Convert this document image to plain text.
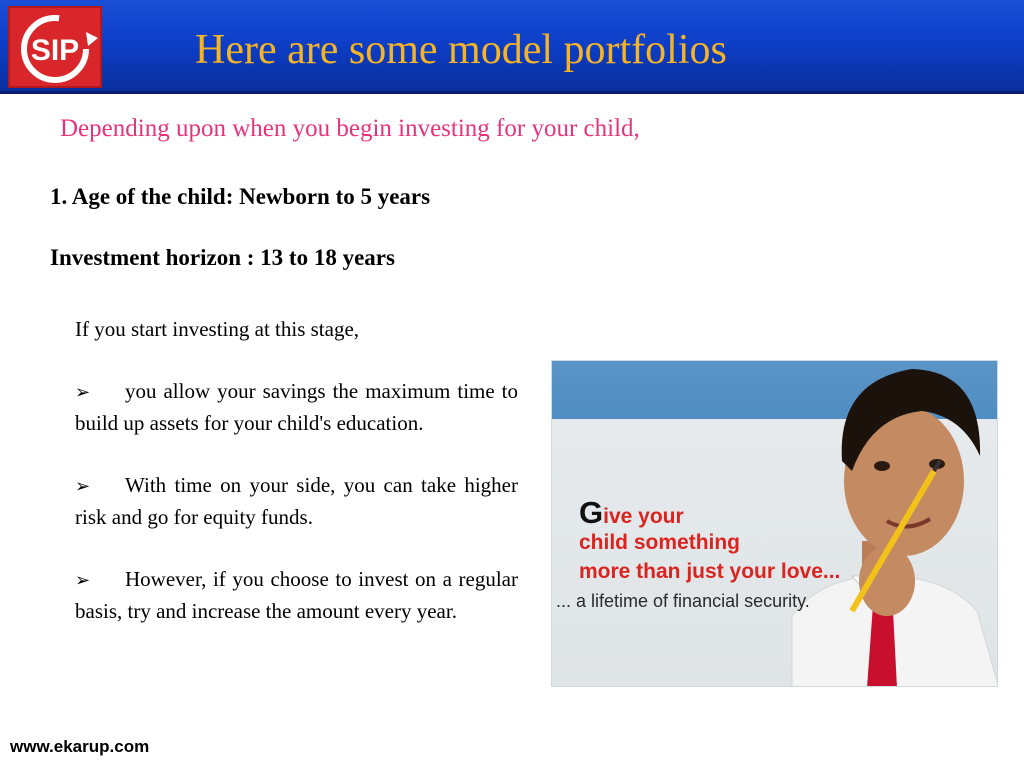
SIP	Here are some model portfolios
Depending upon when you begin investing for your child,
1. Age of the child: Newborn to 5 years
Investment horizon : 13 to 18 years
If you start investing at this stage,
➢ you allow your savings the maximum time to build up assets for your child's education.
➢ With time on your side, you can take higher risk and go for equity funds.
➢ However, if you choose to invest on a regular basis, try and increase the amount every year.
Give your
child something
more than just your love...
... a lifetime of financial security.
www.ekarup.com
